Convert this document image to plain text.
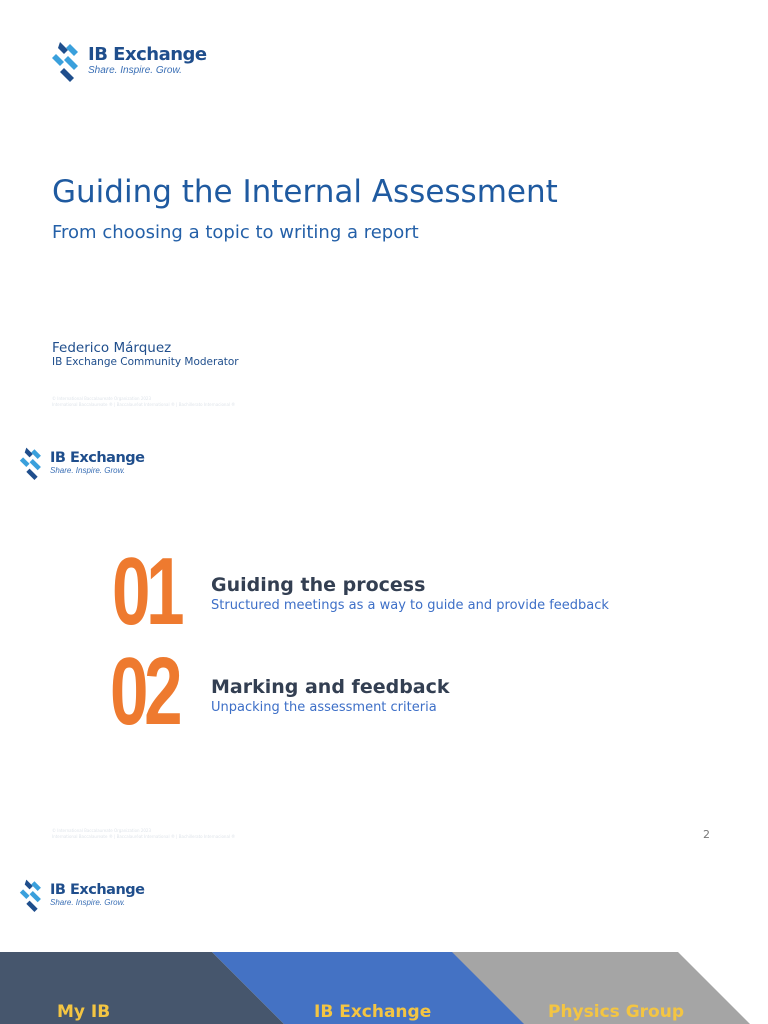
IB Exchange
Share. Inspire. Grow.
Guiding the Internal Assessment
From choosing a topic to writing a report
Federico Márquez
IB Exchange Community Moderator
© International Baccalaureate Organization 2023
International Baccalaureate ® | Baccalauréat International ® | Bachillerato Internacional ®
IB Exchange
Share. Inspire. Grow.
01 Guiding the process
Structured meetings as a way to guide and provide feedback
02 Marking and feedback
Unpacking the assessment criteria
© International Baccalaureate Organization 2023
International Baccalaureate ® | Baccalauréat International ® | Bachillerato Internacional ®	2
IB Exchange
Share. Inspire. Grow.
Physics Group
IB Exchange
My IB
